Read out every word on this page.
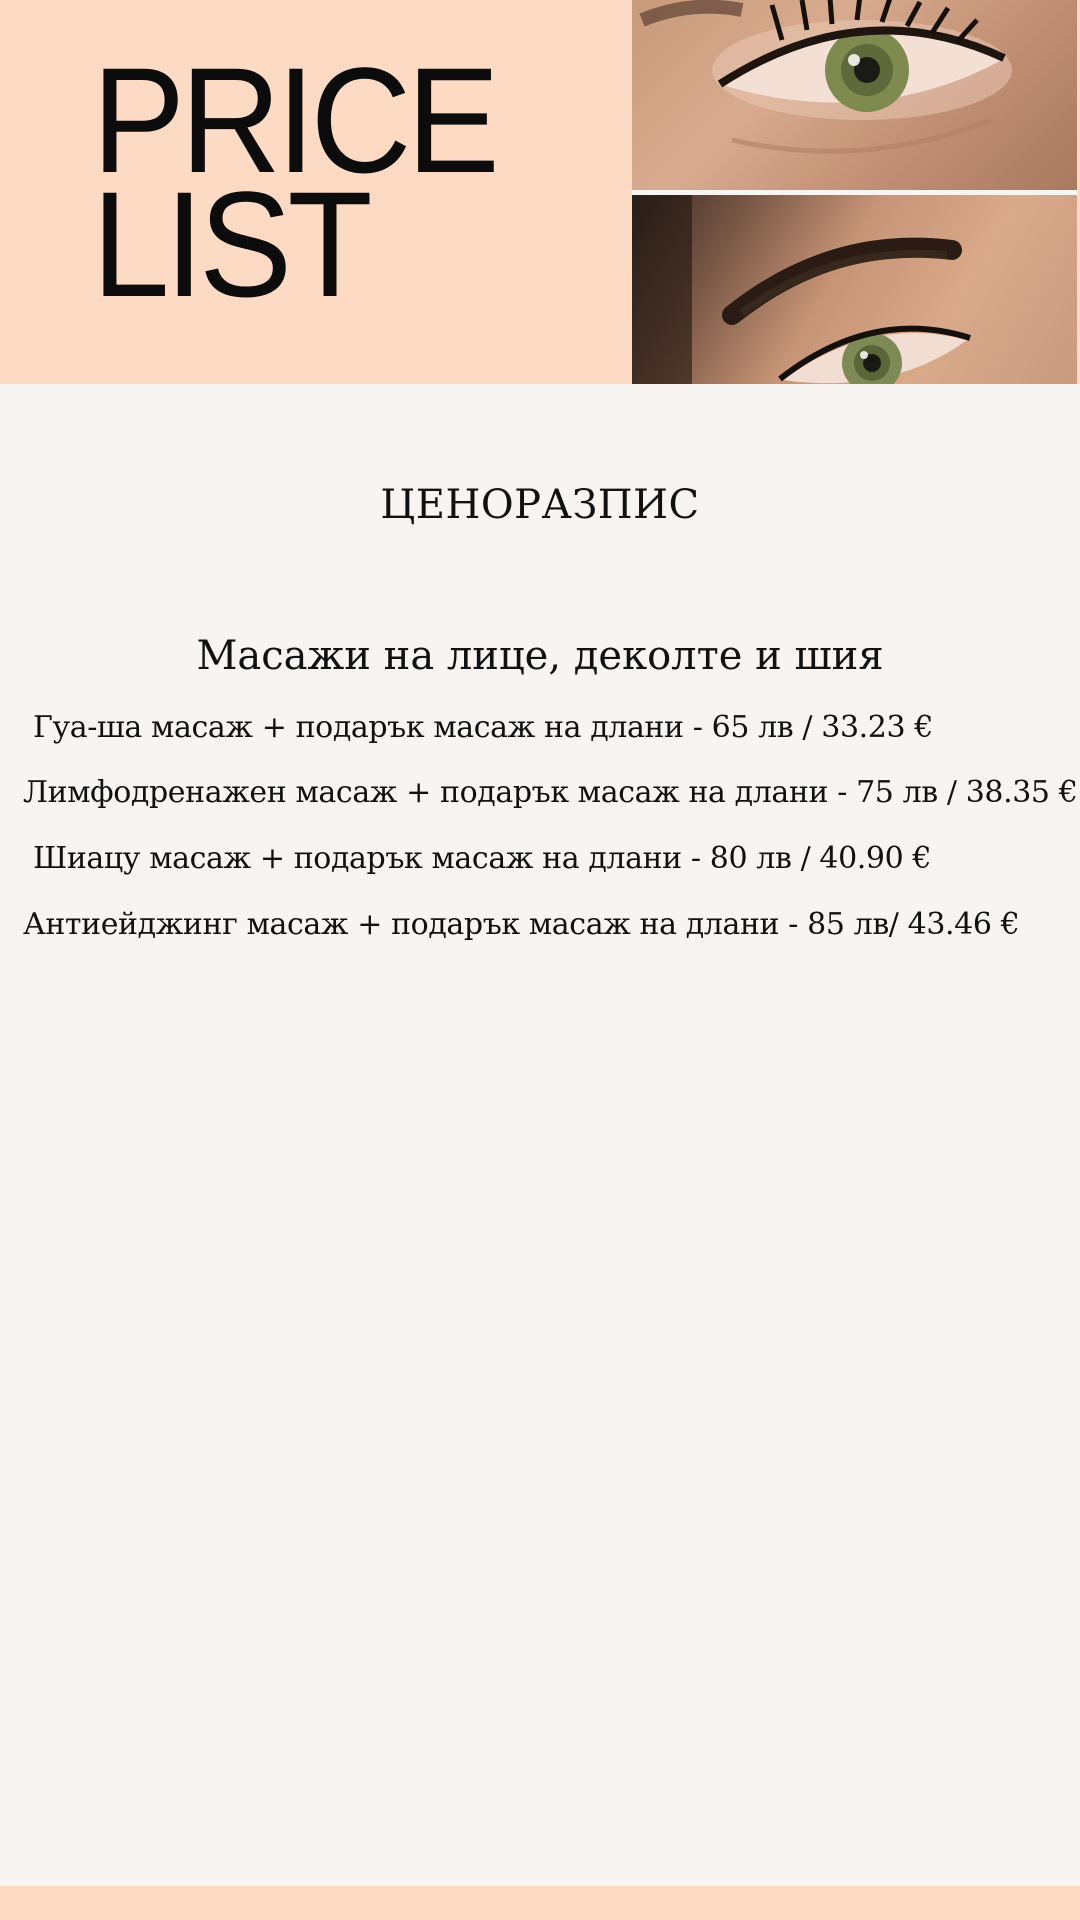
PRICE
LIST
ЦЕНОРАЗПИС
Масажи на лице, деколте и шия
Гуа-ша масаж + подарък масаж на длани - 65 лв / 33.23 €
Лимфодренажен масаж + подарък масаж на длани - 75 лв / 38.35 €
Шиацу масаж + подарък масаж на длани - 80 лв / 40.90 €
Антиейджинг масаж + подарък масаж на длани - 85 лв/ 43.46 €
